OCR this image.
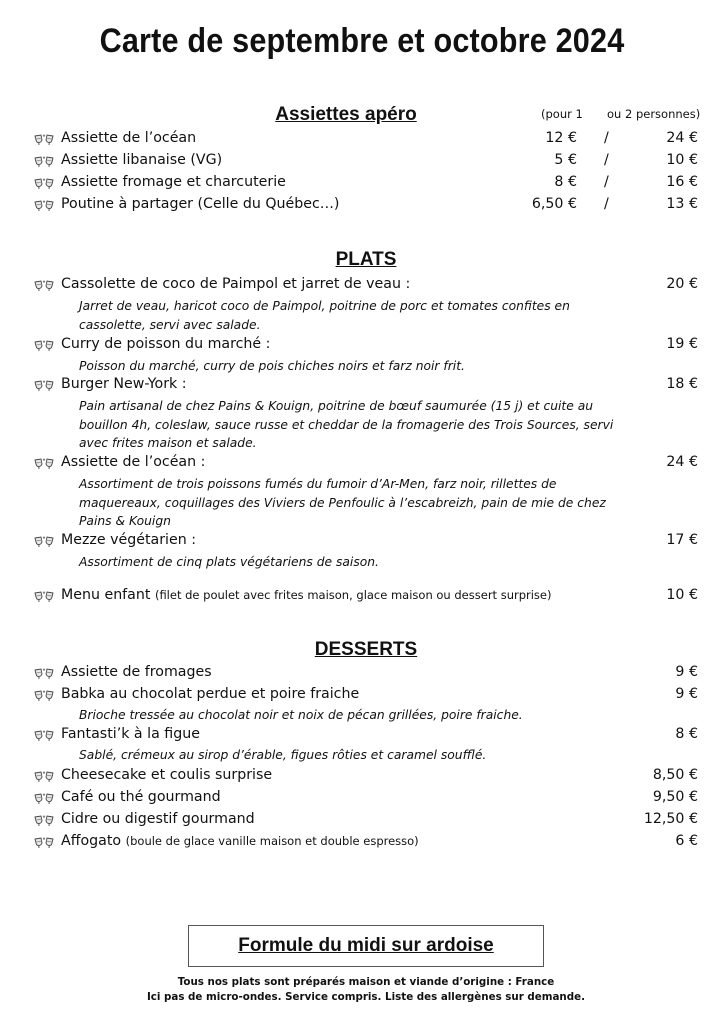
Carte de septembre et octobre 2024
Assiettes apéro	(pour 1 ou 2 personnes)
Assiette de l’océan	12 € /	24 €
Assiette libanaise (VG)	5 € /	10 €
Assiette fromage et charcuterie	8 € /	16 €
Poutine à partager (Celle du Québec…)	6,50 € /	13 €
PLATS
Cassolette de coco de Paimpol et jarret de veau :	20 €
Jarret de veau, haricot coco de Paimpol, poitrine de porc et tomates confites en cassolette, servi avec salade.
Curry de poisson du marché :	19 €
Poisson du marché, curry de pois chiches noirs et farz noir frit.
Burger New-York :	18 €
Pain artisanal de chez Pains & Kouign, poitrine de bœuf saumurée (15 j) et cuite au bouillon 4h, coleslaw, sauce russe et cheddar de la fromagerie des Trois Sources, servi avec frites maison et salade.
Assiette de l’océan :	24 €
Assortiment de trois poissons fumés du fumoir d’Ar-Men, farz noir, rillettes de maquereaux, coquillages des Viviers de Penfoulic à l’escabreizh, pain de mie de chez Pains & Kouign
Mezze végétarien :	17 €
Assortiment de cinq plats végétariens de saison.
Menu enfant (filet de poulet avec frites maison, glace maison ou dessert surprise)	10 €
DESSERTS
Assiette de fromages	9 €
Babka au chocolat perdue et poire fraiche	9 €
Brioche tressée au chocolat noir et noix de pécan grillées, poire fraiche.
Fantasti’k à la figue	8 €
Sablé, crémeux au sirop d’érable, figues rôties et caramel soufflé.
Cheesecake et coulis surprise	8,50 €
Café ou thé gourmand	9,50 €
Cidre ou digestif gourmand	12,50 €
Affogato (boule de glace vanille maison et double espresso)	6 €
Formule du midi sur ardoise
Tous nos plats sont préparés maison et viande d’origine : France
Ici pas de micro-ondes. Service compris. Liste des allergènes sur demande.
